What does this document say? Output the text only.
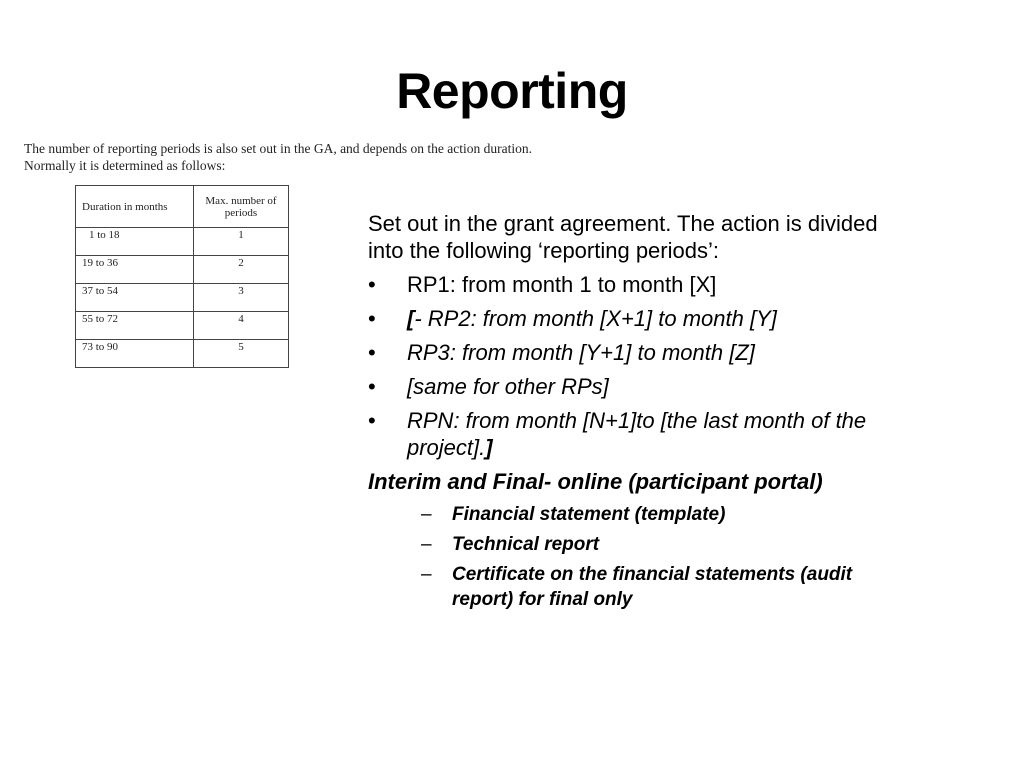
Reporting
The number of reporting periods is also set out in the GA, and depends on the action duration.
Normally it is determined as follows:
Duration in months	Max. number of periods
1 to 18	1
19 to 36	2
37 to 54	3
55 to 72	4
73 to 90	5

Set out in the grant agreement. The action is divided into the following ‘reporting periods’:

• RP1: from month 1 to month [X]
• [- RP2: from month [X+1] to month [Y]
• RP3: from month [Y+1] to month [Z]
• [same for other RPs]
• RPN: from month [N+1]to [the last month of the project].]

Interim and Final- online (participant portal)

– Financial statement (template)
– Technical report
– Certificate on the financial statements (audit report) for final only
